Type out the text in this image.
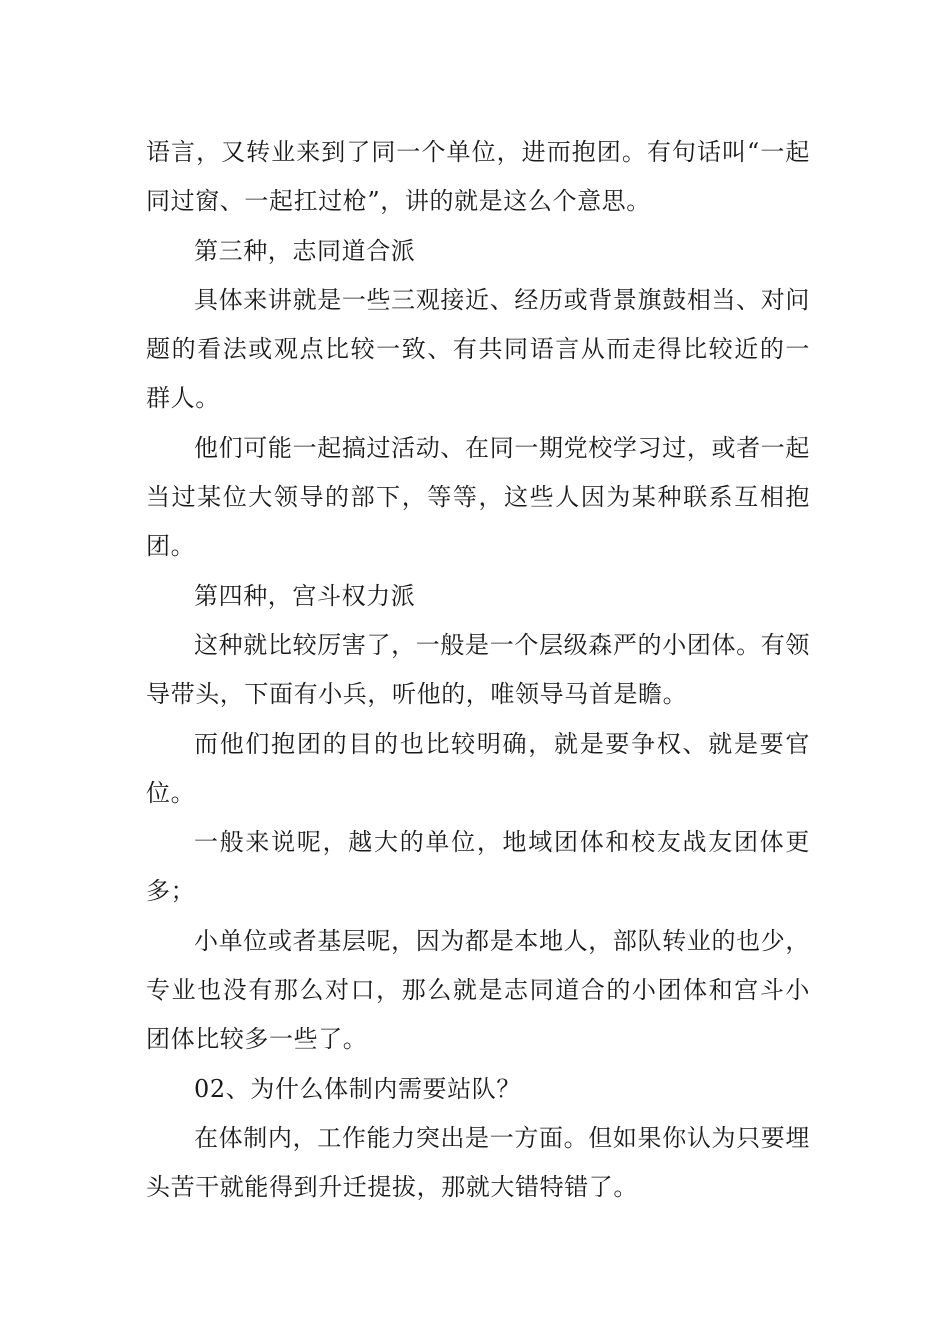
语言，又转业来到了同一个单位，进而抱团。有句话叫“一起同过窗、一起扛过枪”，讲的就是这么个意思。

第三种，志同道合派

具体来讲就是一些三观接近、经历或背景旗鼓相当、对问题的看法或观点比较一致、有共同语言从而走得比较近的一群人。

他们可能一起搞过活动、在同一期党校学习过，或者一起当过某位大领导的部下，等等，这些人因为某种联系互相抱团。

第四种，宫斗权力派

这种就比较厉害了，一般是一个层级森严的小团体。有领导带头，下面有小兵，听他的，唯领导马首是瞻。

而他们抱团的目的也比较明确，就是要争权、就是要官位。

一般来说呢，越大的单位，地域团体和校友战友团体更多；

小单位或者基层呢，因为都是本地人，部队转业的也少，专业也没有那么对口，那么就是志同道合的小团体和宫斗小团体比较多一些了。

02、为什么体制内需要站队？

在体制内，工作能力突出是一方面。但如果你认为只要埋头苦干就能得到升迁提拔，那就大错特错了。
